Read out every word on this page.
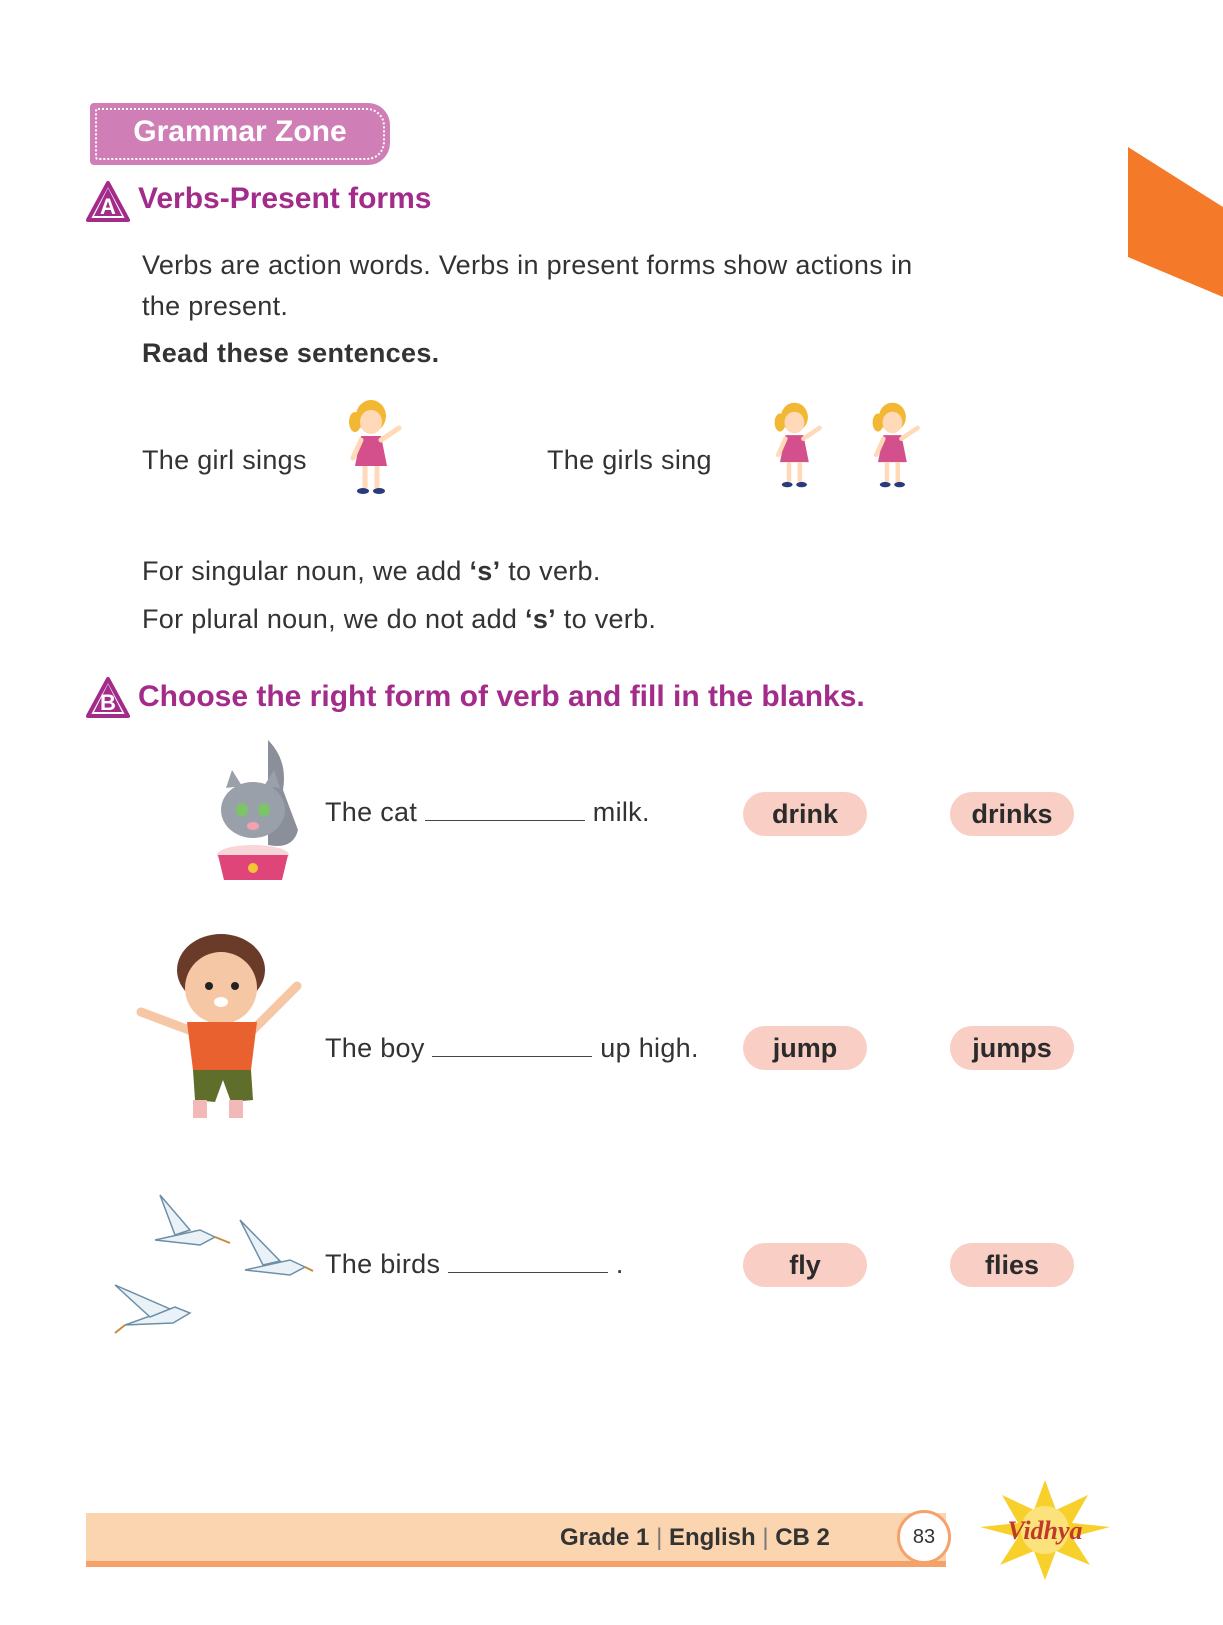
Grammar Zone
A Verbs-Present forms
Verbs are action words. Verbs in present forms show actions in
the present.
Read these sentences.
The girl sings	The girls sing
For singular noun, we add ‘s’ to verb.
For plural noun, we do not add ‘s’ to verb.
B Choose the right form of verb and fill in the blanks.
The cat	milk.	drink	drinks
The boy	up high.	jump	jumps
The birds	.	fly	flies
Grade 1 | English | CB 2	83	Vidhya
